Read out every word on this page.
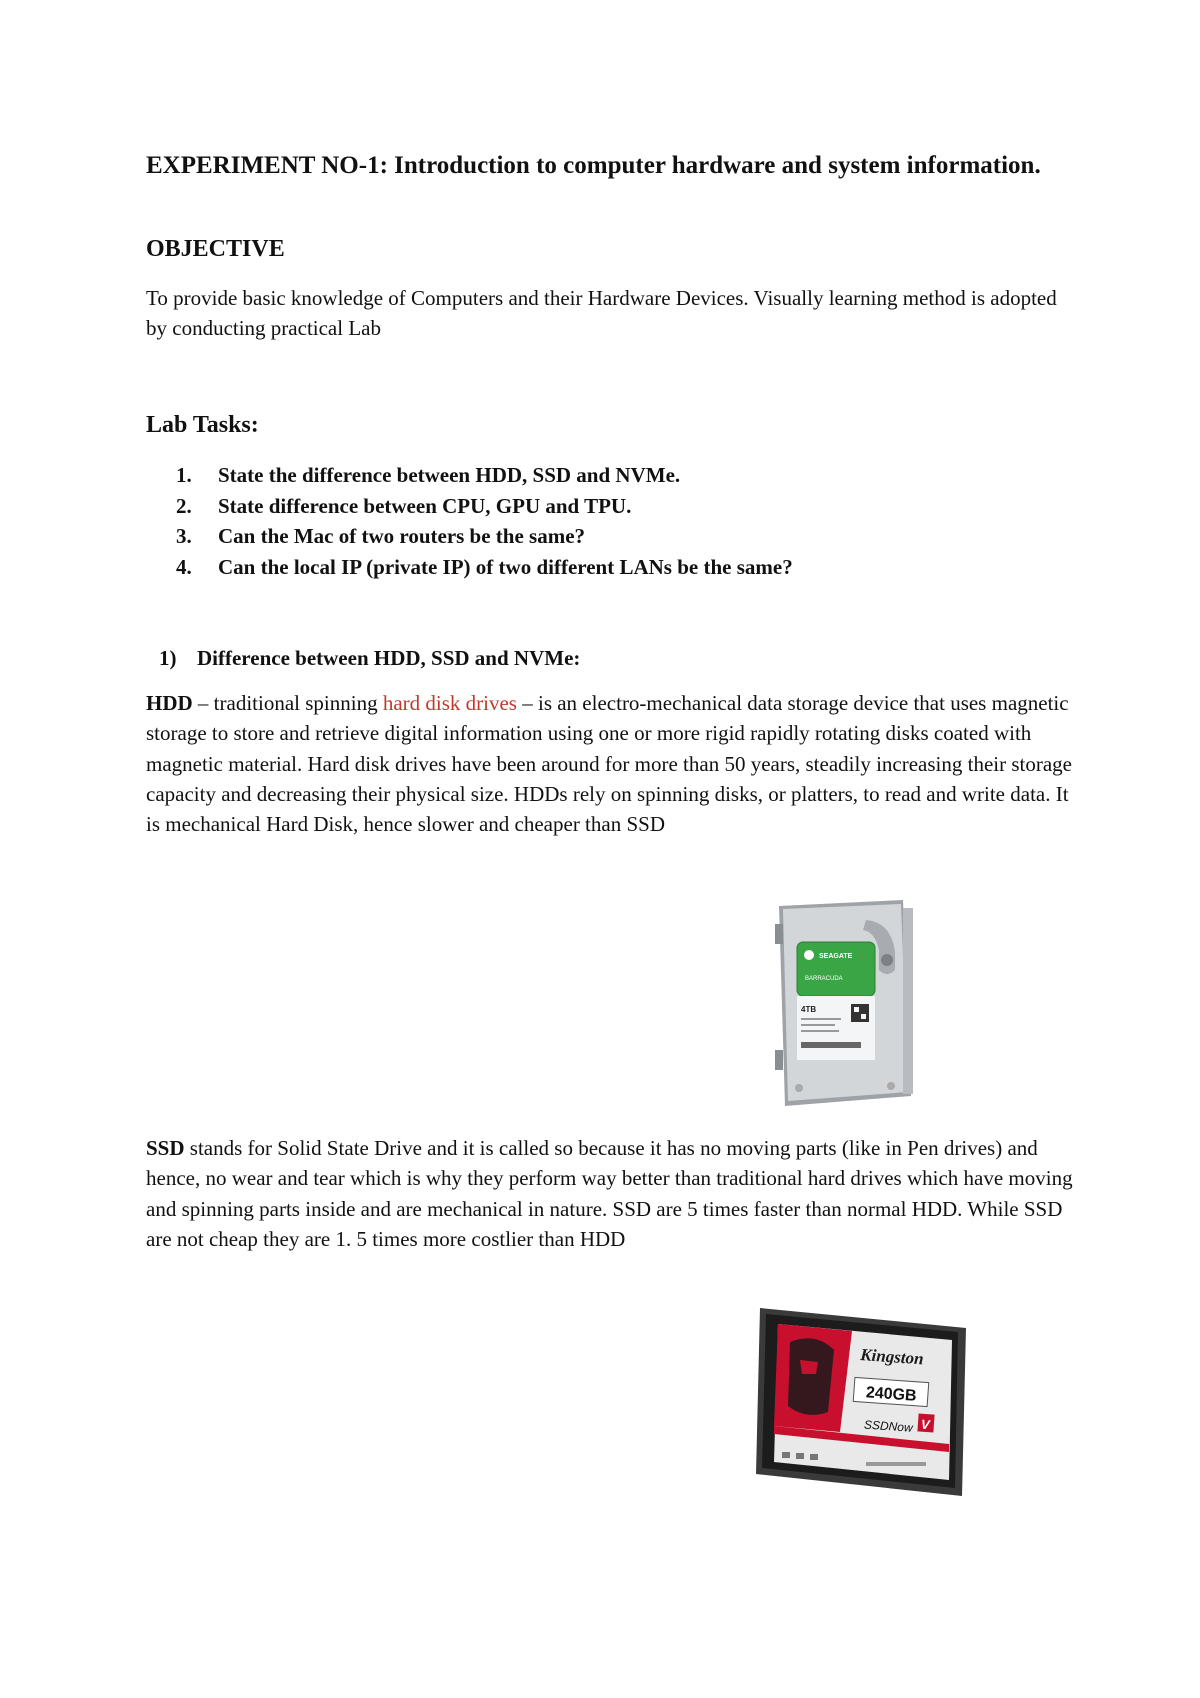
EXPERIMENT NO-1: Introduction to computer hardware and system information.
OBJECTIVE
To provide basic knowledge of Computers and their Hardware Devices. Visually learning method is adopted by conducting practical Lab
Lab Tasks:
1.	State the difference between HDD, SSD and NVMe.
2.	State difference between CPU, GPU and TPU.
3.	Can the Mac of two routers be the same?
4.	Can the local IP (private IP) of two different LANs be the same?
1) Difference between HDD, SSD and NVMe:
HDD – traditional spinning hard disk drives – is an electro-mechanical data storage device that uses magnetic storage to store and retrieve digital information using one or more rigid rapidly rotating disks coated with magnetic material. Hard disk drives have been around for more than 50 years, steadily increasing their storage capacity and decreasing their physical size. HDDs rely on spinning disks, or platters, to read and write data. It is mechanical Hard Disk, hence slower and cheaper than SSD
SEAGATE
BARRACUDA
4TB
SSD stands for Solid State Drive and it is called so because it has no moving parts (like in Pen drives) and hence, no wear and tear which is why they perform way better than traditional hard drives which have moving and spinning parts inside and are mechanical in nature. SSD are 5 times faster than normal HDD. While SSD are not cheap they are 1. 5 times more costlier than HDD
Kingston
240GB
SSDNow V
